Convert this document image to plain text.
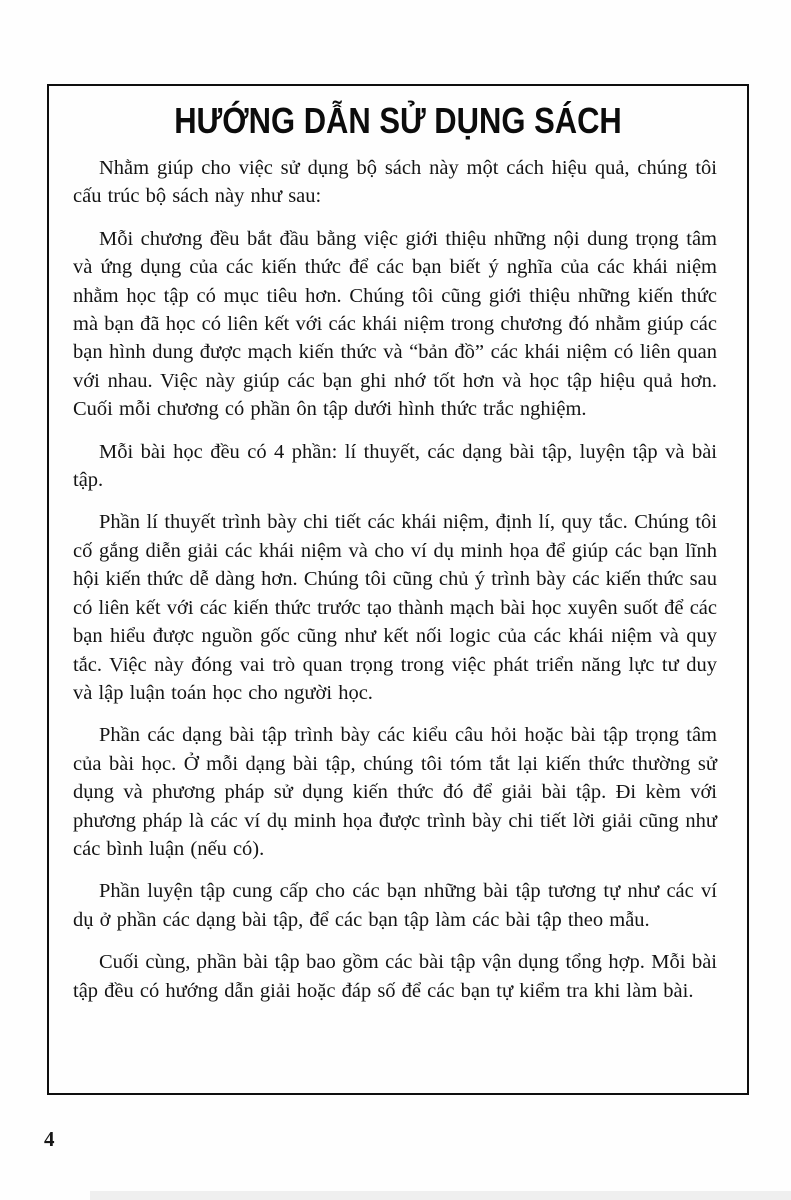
HƯỚNG DẪN SỬ DỤNG SÁCH

Nhằm giúp cho việc sử dụng bộ sách này một cách hiệu quả, chúng tôi cấu trúc bộ sách này như sau:

Mỗi chương đều bắt đầu bằng việc giới thiệu những nội dung trọng tâm và ứng dụng của các kiến thức để các bạn biết ý nghĩa của các khái niệm nhằm học tập có mục tiêu hơn. Chúng tôi cũng giới thiệu những kiến thức mà bạn đã học có liên kết với các khái niệm trong chương đó nhằm giúp các bạn hình dung được mạch kiến thức và “bản đồ” các khái niệm có liên quan với nhau. Việc này giúp các bạn ghi nhớ tốt hơn và học tập hiệu quả hơn. Cuối mỗi chương có phần ôn tập dưới hình thức trắc nghiệm.

Mỗi bài học đều có 4 phần: lí thuyết, các dạng bài tập, luyện tập và bài tập.

Phần lí thuyết trình bày chi tiết các khái niệm, định lí, quy tắc. Chúng tôi cố gắng diễn giải các khái niệm và cho ví dụ minh họa để giúp các bạn lĩnh hội kiến thức dễ dàng hơn. Chúng tôi cũng chủ ý trình bày các kiến thức sau có liên kết với các kiến thức trước tạo thành mạch bài học xuyên suốt để các bạn hiểu được nguồn gốc cũng như kết nối logic của các khái niệm và quy tắc. Việc này đóng vai trò quan trọng trong việc phát triển năng lực tư duy và lập luận toán học cho người học.

Phần các dạng bài tập trình bày các kiểu câu hỏi hoặc bài tập trọng tâm của bài học. Ở mỗi dạng bài tập, chúng tôi tóm tắt lại kiến thức thường sử dụng và phương pháp sử dụng kiến thức đó để giải bài tập. Đi kèm với phương pháp là các ví dụ minh họa được trình bày chi tiết lời giải cũng như các bình luận (nếu có).

Phần luyện tập cung cấp cho các bạn những bài tập tương tự như các ví dụ ở phần các dạng bài tập, để các bạn tập làm các bài tập theo mẫu.

Cuối cùng, phần bài tập bao gồm các bài tập vận dụng tổng hợp. Mỗi bài tập đều có hướng dẫn giải hoặc đáp số để các bạn tự kiểm tra khi làm bài.

4
